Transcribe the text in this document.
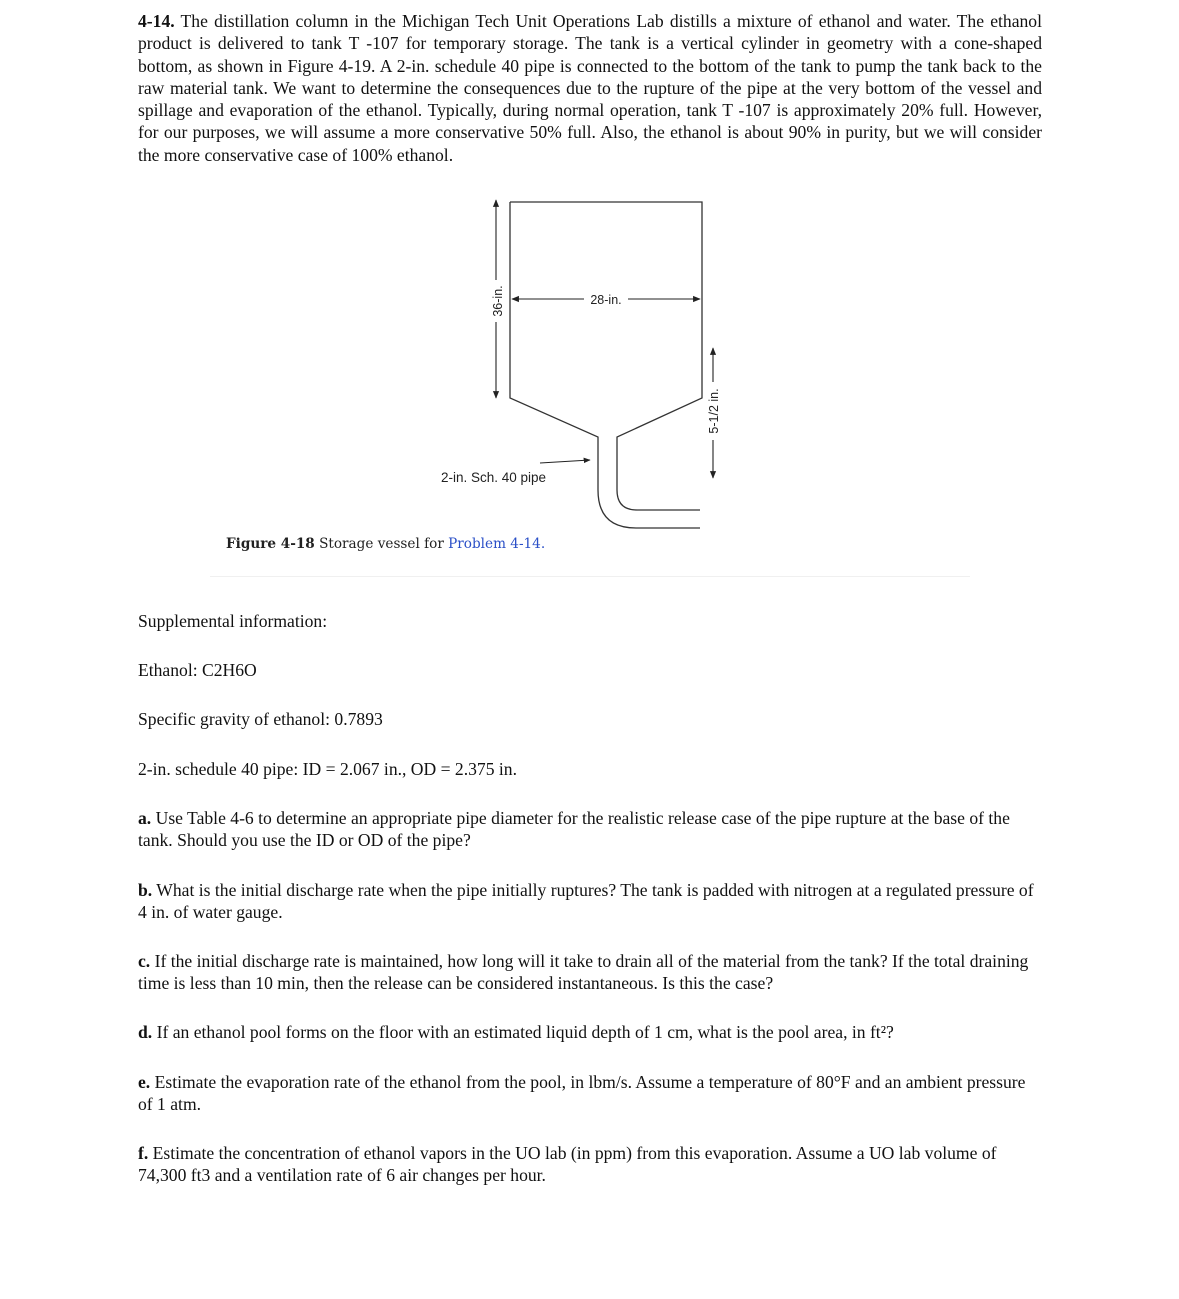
4-14. The distillation column in the Michigan Tech Unit Operations Lab distills a mixture of ethanol and water. The ethanol product is delivered to tank T -107 for temporary storage. The tank is a vertical cylinder in geometry with a cone-shaped bottom, as shown in Figure 4-19. A 2-in. schedule 40 pipe is connected to the bottom of the tank to pump the tank back to the raw material tank. We want to determine the consequences due to the rupture of the pipe at the very bottom of the vessel and spillage and evaporation of the ethanol. Typically, during normal operation, tank T -107 is approximately 20% full. However, for our purposes, we will assume a more conservative 50% full. Also, the ethanol is about 90% in purity, but we will consider the more conservative case of 100% ethanol.

36-in.	28-in.
5-1/2 in.
2-in. Sch. 40 pipe

Figure 4-18 Storage vessel for Problem 4-14.

Supplemental information:

Ethanol: C2H6O

Specific gravity of ethanol: 0.7893

2-in. schedule 40 pipe: ID = 2.067 in., OD = 2.375 in.

a. Use Table 4-6 to determine an appropriate pipe diameter for the realistic release case of the pipe rupture at the base of the tank. Should you use the ID or OD of the pipe?

b. What is the initial discharge rate when the pipe initially ruptures? The tank is padded with nitrogen at a regulated pressure of 4 in. of water gauge.

c. If the initial discharge rate is maintained, how long will it take to drain all of the material from the tank? If the total draining time is less than 10 min, then the release can be considered instantaneous. Is this the case?

d. If an ethanol pool forms on the floor with an estimated liquid depth of 1 cm, what is the pool area, in ft²?

e. Estimate the evaporation rate of the ethanol from the pool, in lbm/s. Assume a temperature of 80°F and an ambient pressure of 1 atm.

f. Estimate the concentration of ethanol vapors in the UO lab (in ppm) from this evaporation. Assume a UO lab volume of 74,300 ft3 and a ventilation rate of 6 air changes per hour.
